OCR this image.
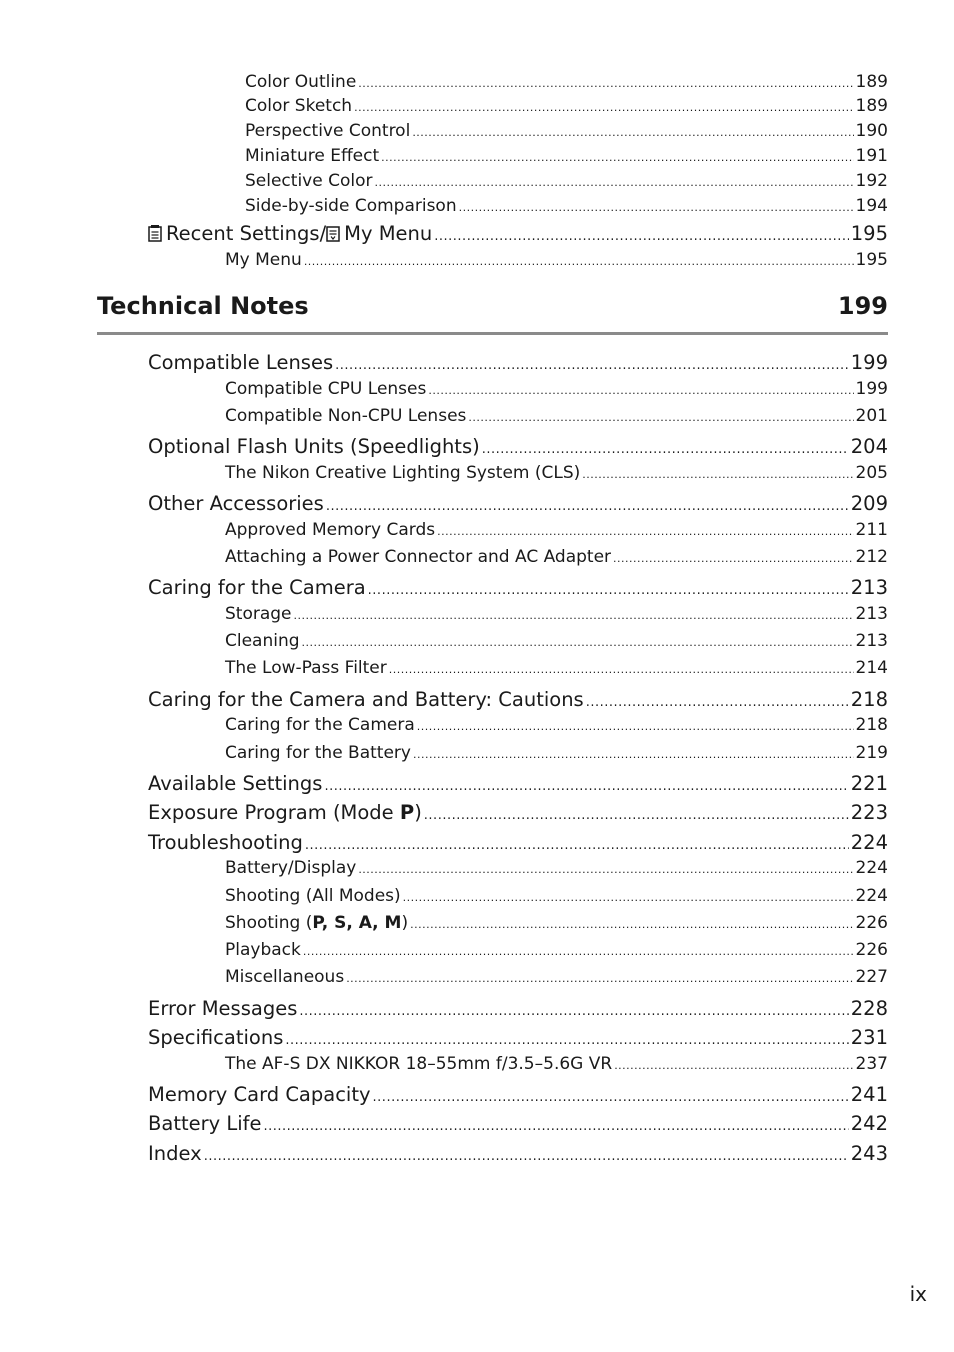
Color Outline .....	189
Color Sketch .....	189
Perspective Control .....	190
Miniature Effect .....	191
Selective Color .....	192
Side-by-side Comparison .....	194
Recent Settings/ My Menu .....	195
My Menu .....	195
Technical Notes	199
Compatible Lenses .....	199
Compatible CPU Lenses .....	199
Compatible Non-CPU Lenses .....	201
Optional Flash Units (Speedlights) .....	204
The Nikon Creative Lighting System (CLS) .....	205
Other Accessories .....	209
Approved Memory Cards .....	211
Attaching a Power Connector and AC Adapter .....	212
Caring for the Camera .....	213
Storage .....	213
Cleaning .....	213
The Low-Pass Filter .....	214
Caring for the Camera and Battery: Cautions .....	218
Caring for the Camera .....	218
Caring for the Battery .....	219
Available Settings .....	221
Exposure Program (Mode P) .....	223
Troubleshooting .....	224
Battery/Display .....	224
Shooting (All Modes) .....	224
Shooting (P, S, A, M) .....	226
Playback .....	226
Miscellaneous .....	227
Error Messages .....	228
Specifications .....	231
The AF-S DX NIKKOR 18–55mm f/3.5–5.6G VR .....	237
Memory Card Capacity .....	241
Battery Life .....	242
Index .....	243
ix
